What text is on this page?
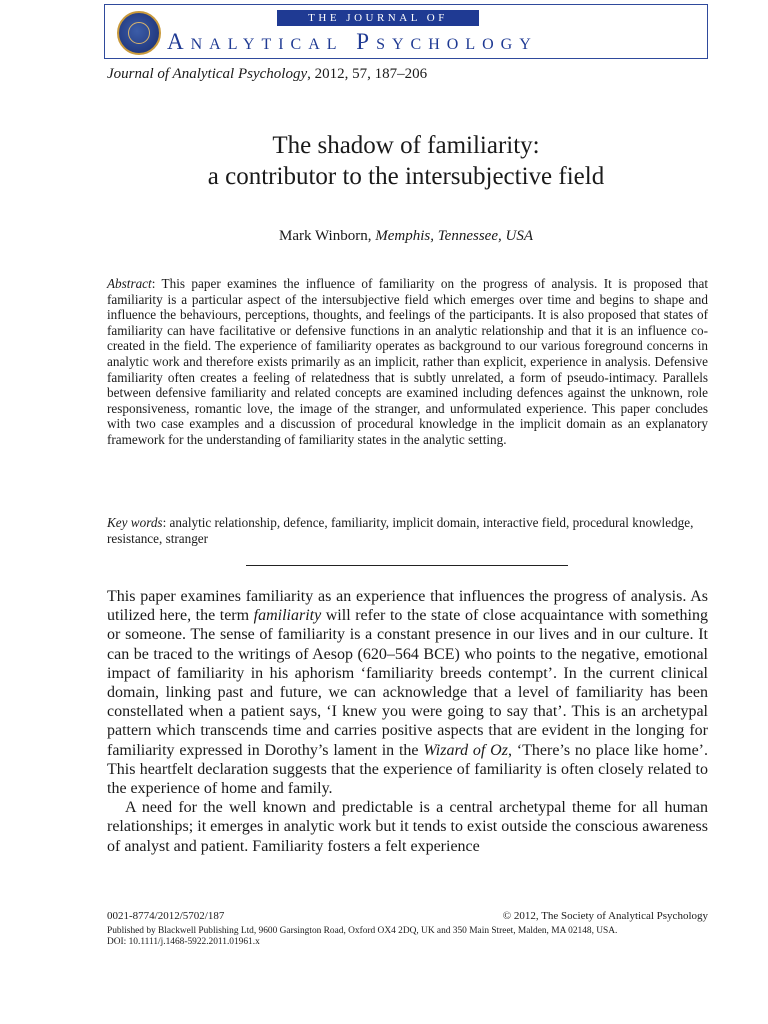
THE JOURNAL OF
Analytical Psychology
Journal of Analytical Psychology, 2012, 57, 187–206
The shadow of familiarity:
a contributor to the intersubjective field
Mark Winborn, Memphis, Tennessee, USA
Abstract: This paper examines the influence of familiarity on the progress of analysis. It is proposed that familiarity is a particular aspect of the intersubjective field which emerges over time and begins to shape and influence the behaviours, perceptions, thoughts, and feelings of the participants. It is also proposed that states of familiarity can have facilitative or defensive functions in an analytic relationship and that it is an influence co-created in the field. The experience of familiarity operates as background to our various foreground concerns in analytic work and therefore exists primarily as an implicit, rather than explicit, experience in analysis. Defensive familiarity often creates a feeling of relatedness that is subtly unrelated, a form of pseudo-intimacy. Parallels between defensive familiarity and related concepts are examined including defences against the unknown, role responsiveness, romantic love, the image of the stranger, and unformulated experience. This paper concludes with two case examples and a discussion of procedural knowledge in the implicit domain as an explanatory framework for the understanding of familiarity states in the analytic setting.
Key words: analytic relationship, defence, familiarity, implicit domain, interactive field, procedural knowledge, resistance, stranger

This paper examines familiarity as an experience that influences the progress of analysis. As utilized here, the term familiarity will refer to the state of close acquaintance with something or someone. The sense of familiarity is a constant presence in our lives and in our culture. It can be traced to the writings of Aesop (620–564 BCE) who points to the negative, emotional impact of familiarity in his aphorism ‘familiarity breeds contempt’. In the current clinical domain, linking past and future, we can acknowledge that a level of familiarity has been constellated when a patient says, ‘I knew you were going to say that’. This is an archetypal pattern which transcends time and carries positive aspects that are evident in the longing for familiarity expressed in Dorothy’s lament in the Wizard of Oz, ‘There’s no place like home’. This heartfelt declaration suggests that the experience of familiarity is often closely related to the experience of home and family.

A need for the well known and predictable is a central archetypal theme for all human relationships; it emerges in analytic work but it tends to exist outside the conscious awareness of analyst and patient. Familiarity fosters a felt experience

0021-8774/2012/5702/187	© 2012, The Society of Analytical Psychology
Published by Blackwell Publishing Ltd, 9600 Garsington Road, Oxford OX4 2DQ, UK and 350 Main Street, Malden, MA 02148, USA.
DOI: 10.1111/j.1468-5922.2011.01961.x
